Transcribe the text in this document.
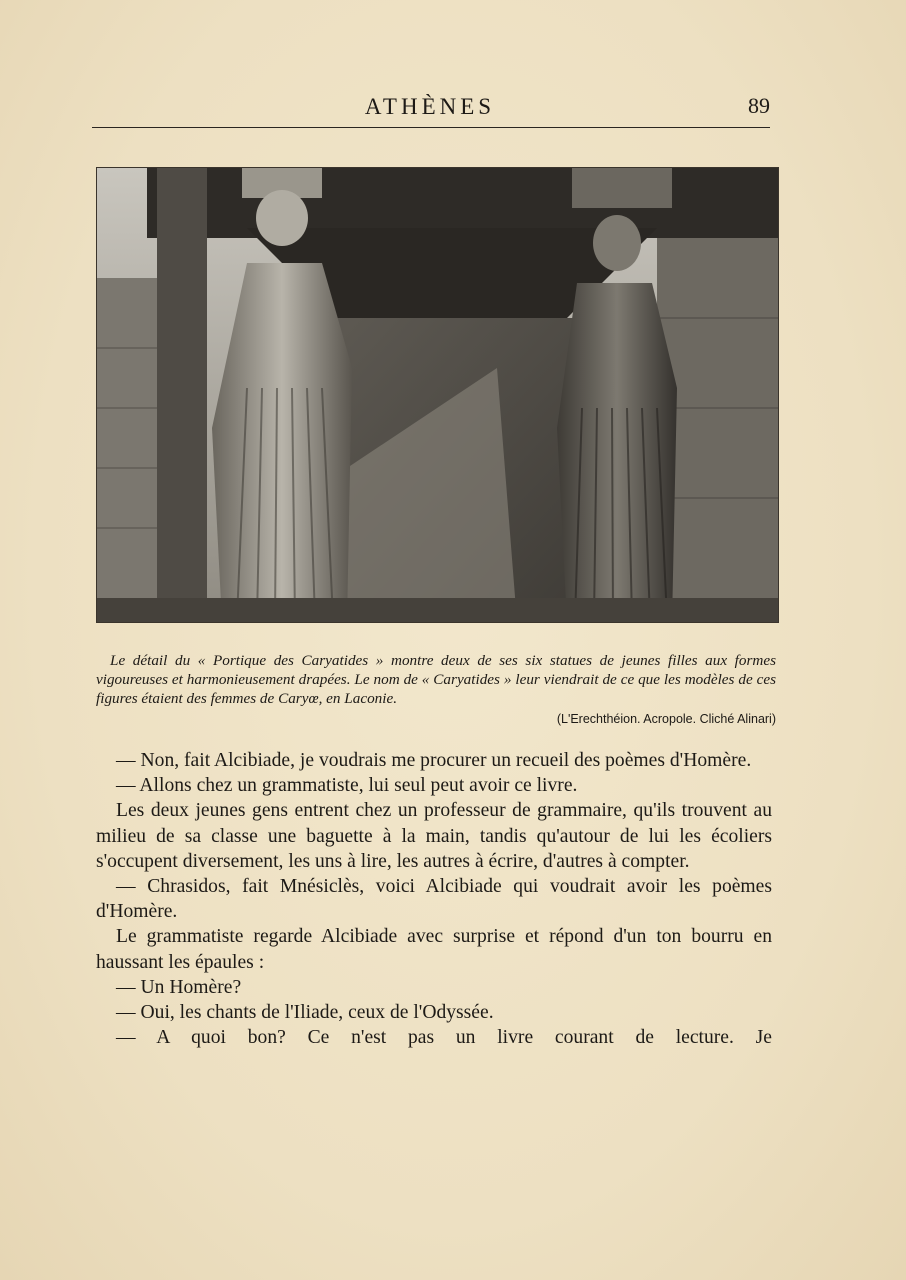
ATHÈNES	89
Le détail du « Portique des Caryatides » montre deux de ses six statues de jeunes filles aux formes vigoureuses et harmonieusement drapées. Le nom de « Caryatides » leur viendrait de ce que les modèles de ces figures étaient des femmes de Caryœ, en Laconie.
(L'Erechthéion. Acropole. Cliché Alinari)

— Non, fait Alcibiade, je voudrais me procurer un recueil des poèmes d'Homère.

— Allons chez un grammatiste, lui seul peut avoir ce livre.

Les deux jeunes gens entrent chez un professeur de grammaire, qu'ils trouvent au milieu de sa classe une baguette à la main, tandis qu'autour de lui les écoliers s'occupent diversement, les uns à lire, les autres à écrire, d'autres à compter.

— Chrasidos, fait Mnésiclès, voici Alcibiade qui voudrait avoir les poèmes d'Homère.

Le grammatiste regarde Alcibiade avec surprise et répond d'un ton bourru en haussant les épaules :

— Un Homère?

— Oui, les chants de l'Iliade, ceux de l'Odyssée.

— A quoi bon? Ce n'est pas un livre courant de lecture. Je
